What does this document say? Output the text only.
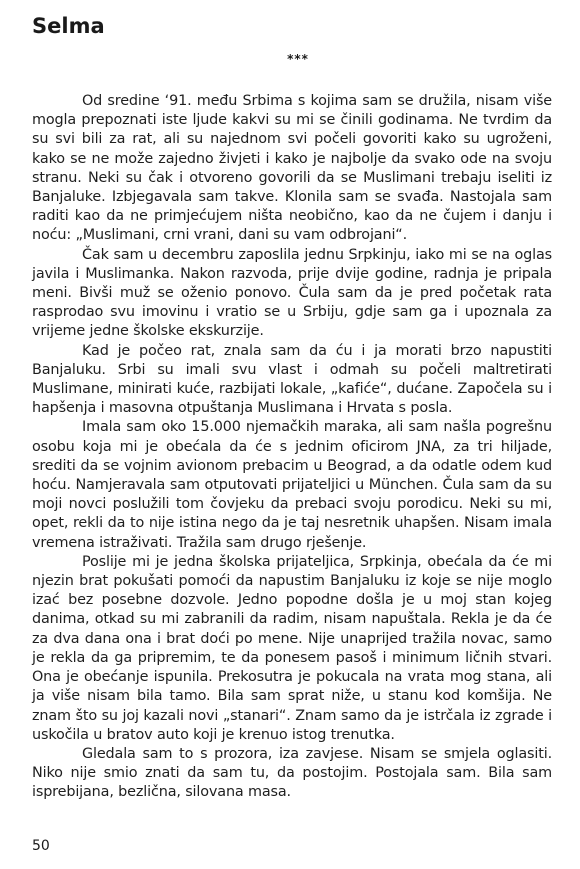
Selma
***

Od sredine ‘91. među Srbima s kojima sam se družila, nisam više mogla prepoznati iste ljude kakvi su mi se činili godinama. Ne tvrdim da su svi bili za rat, ali su najednom svi počeli govoriti kako su ugroženi, kako se ne može zajedno živjeti i kako je najbolje da svako ode na svoju stranu. Neki su čak i otvoreno govorili da se Muslimani trebaju iseliti iz Banjaluke. Izbjegavala sam takve. Klonila sam se svađa. Nastojala sam raditi kao da ne primjećujem ništa neobično, kao da ne čujem i danju i noću: „Muslimani, crni vrani, dani su vam odbrojani“.

Čak sam u decembru zaposlila jednu Srpkinju, iako mi se na oglas javila i Muslimanka. Nakon razvoda, prije dvije godine, radnja je pripala meni. Bivši muž se oženio ponovo. Čula sam da je pred početak rata rasprodao svu imovinu i vratio se u Srbiju, gdje sam ga i upoznala za vrijeme jedne školske ekskurzije.

Kad je počeo rat, znala sam da ću i ja morati brzo napustiti Banjaluku. Srbi su imali svu vlast i odmah su počeli maltretirati Muslimane, minirati kuće, razbijati lokale, „kafiće“, dućane. Započela su i hapšenja i masovna otpuštanja Muslimana i Hrvata s posla.

Imala sam oko 15.000 njemačkih maraka, ali sam našla pogrešnu osobu koja mi je obećala da će s jednim oficirom JNA, za tri hiljade, srediti da se vojnim avionom prebacim u Beograd, a da odatle odem kud hoću. Namjeravala sam otputovati prijateljici u München. Čula sam da su moji novci poslužili tom čovjeku da prebaci svoju porodicu. Neki su mi, opet, rekli da to nije istina nego da je taj nesretnik uhapšen. Nisam imala vremena istraživati. Tražila sam drugo rješenje.

Poslije mi je jedna školska prijateljica, Srpkinja, obećala da će mi njezin brat pokušati pomoći da napustim Banjaluku iz koje se nije moglo izać bez posebne dozvole. Jedno popodne došla je u moj stan kojeg danima, otkad su mi zabranili da radim, nisam napuštala. Rekla je da će za dva dana ona i brat doći po mene. Nije unaprijed tražila novac, samo je rekla da ga pripremim, te da ponesem pasoš i minimum ličnih stvari. Ona je obećanje ispunila. Prekosutra je pokucala na vrata mog stana, ali ja više nisam bila tamo. Bila sam sprat niže, u stanu kod komšija. Ne znam što su joj kazali novi „stanari“. Znam samo da je istrčala iz zgrade i uskočila u bratov auto koji je krenuo istog trenutka.

Gledala sam to s prozora, iza zavjese. Nisam se smjela oglasiti. Niko nije smio znati da sam tu, da postojim. Postojala sam. Bila sam isprebijana, bezlična, silovana masa.

50
